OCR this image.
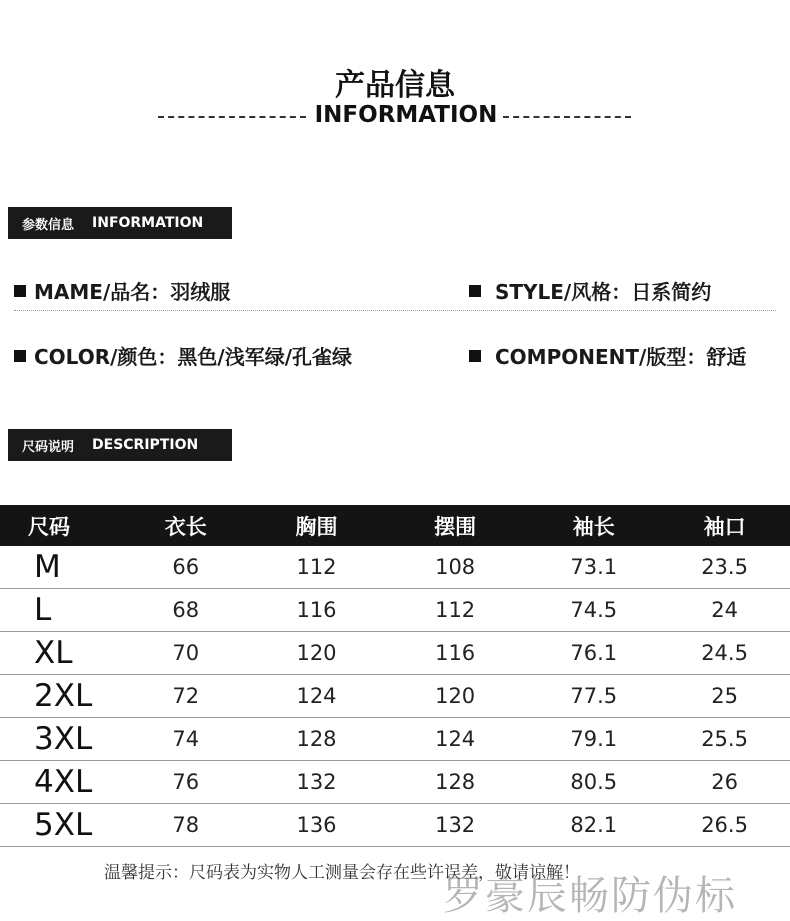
产品信息
INFORMATION
参数信息 INFORMATION
MAME/品名：羽绒服	STYLE/风格：日系简约
COLOR/颜色：黑色/浅军绿/孔雀绿	COMPONENT/版型：舒适
尺码说明 DESCRIPTION
尺码	衣长	胸围	摆围	袖长	袖口
M	66	112	108	73.1	23.5
L	68	116	112	74.5	24
XL	70	120	116	76.1	24.5
2XL	72	124	120	77.5	25
3XL	74	128	124	79.1	25.5
4XL	76	132	128	80.5	26
5XL	78	136	132	82.1	26.5
温馨提示：尺码表为实物人工测量会存在些许误差，敬请谅解！
罗豪辰畅防伪标
